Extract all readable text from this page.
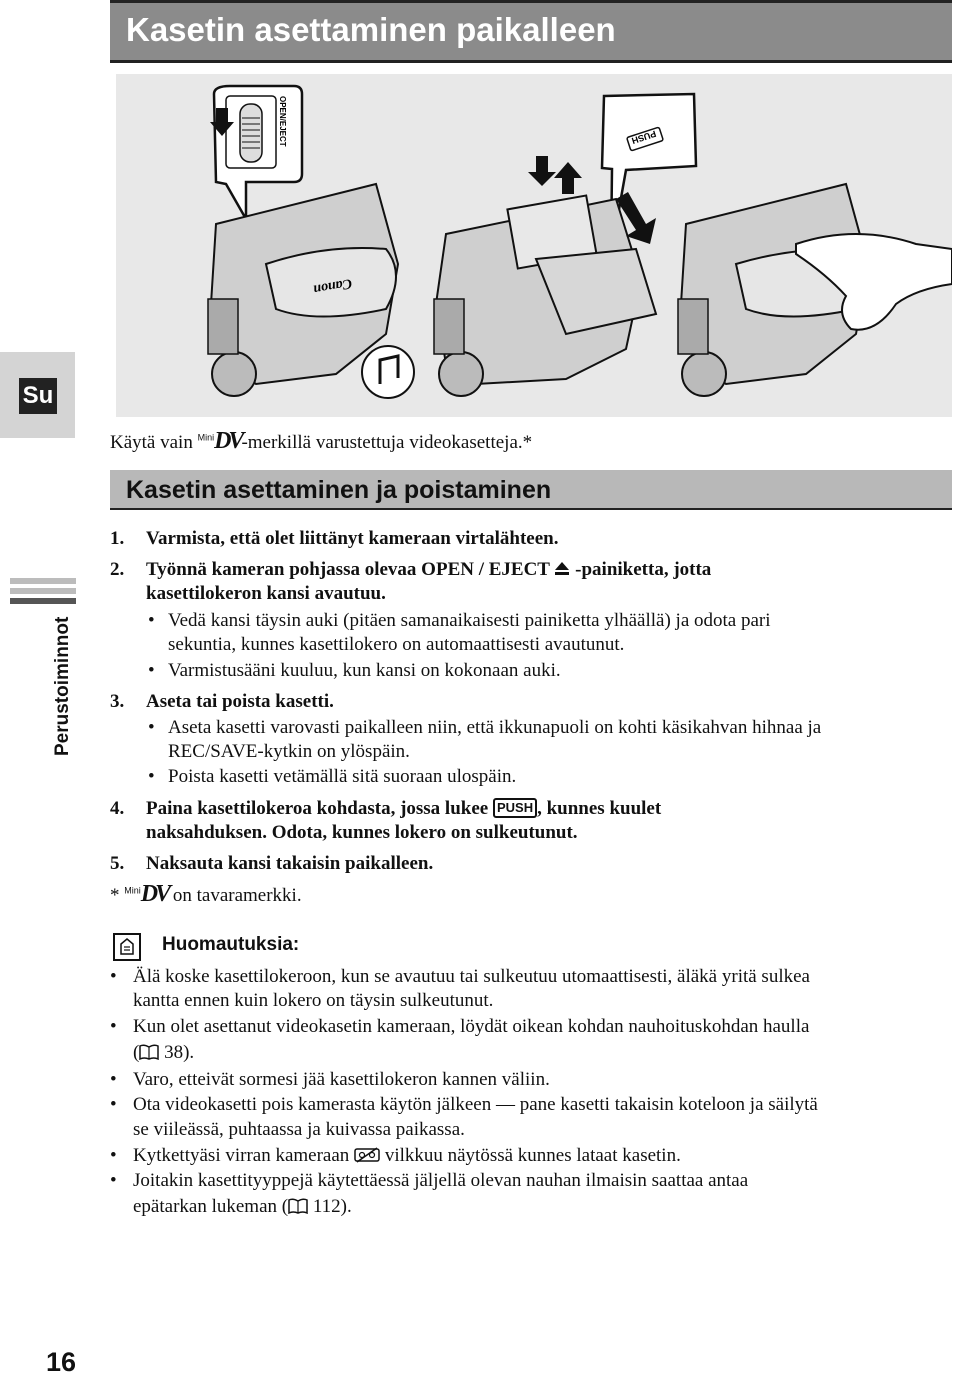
Kasetin asettaminen paikalleen
OPEN/EJECT	PUSH
Canon
Su
Perustoiminnot
Käytä vain $^{Mini}$DV-merkillä varustettuja videokasetteja.*
Kasetin asettaminen ja poistaminen
1. Varmista, että olet liittänyt kameraan virtalähteen.
2. Työnnä kameran pohjassa olevaa OPEN / EJECT  -painiketta, jotta
kasettilokeron kansi avautuu.
• Vedä kansi täysin auki (pitäen samanaikaisesti painiketta ylhäällä) ja odota pari
sekuntia, kunnes kasettilokero on automaattisesti avautunut.
• Varmistusääni kuuluu, kun kansi on kokonaan auki.
3. Aseta tai poista kasetti.
• Aseta kasetti varovasti paikalleen niin, että ikkunapuoli on kohti käsikahvan hihnaa ja
REC/SAVE-kytkin on ylöspäin.
• Poista kasetti vetämällä sitä suoraan ulospäin.
4. Paina kasettilokeroa kohdasta, jossa lukee PUSH , kunnes kuulet
naksahduksen. Odota, kunnes lokero on sulkeutunut.
5. Naksauta kansi takaisin paikalleen.
* $^{Mini}$DV on tavaramerkki.
Huomautuksia:
• Älä koske kasettilokeroon, kun se avautuu tai sulkeutuu utomaattisesti, äläkä yritä sulkea
kantta ennen kuin lokero on täysin sulkeutunut.
• Kun olet asettanut videokasetin kameraan, löydät oikean kohdan nauhoituskohdan haulla
( 38).
• Varo, etteivät sormesi jää kasettilokeron kannen väliin.
• Ota videokasetti pois kamerasta käytön jälkeen — pane kasetti takaisin koteloon ja säilytä
se viileässä, puhtaassa ja kuivassa paikassa.
• Kytkettyäsi virran kameraan  vilkkuu näytössä kunnes lataat kasetin.
• Joitakin kasettityyppejä käytettäessä jäljellä olevan nauhan ilmaisin saattaa antaa
epätarkan lukeman ( 112).
16
